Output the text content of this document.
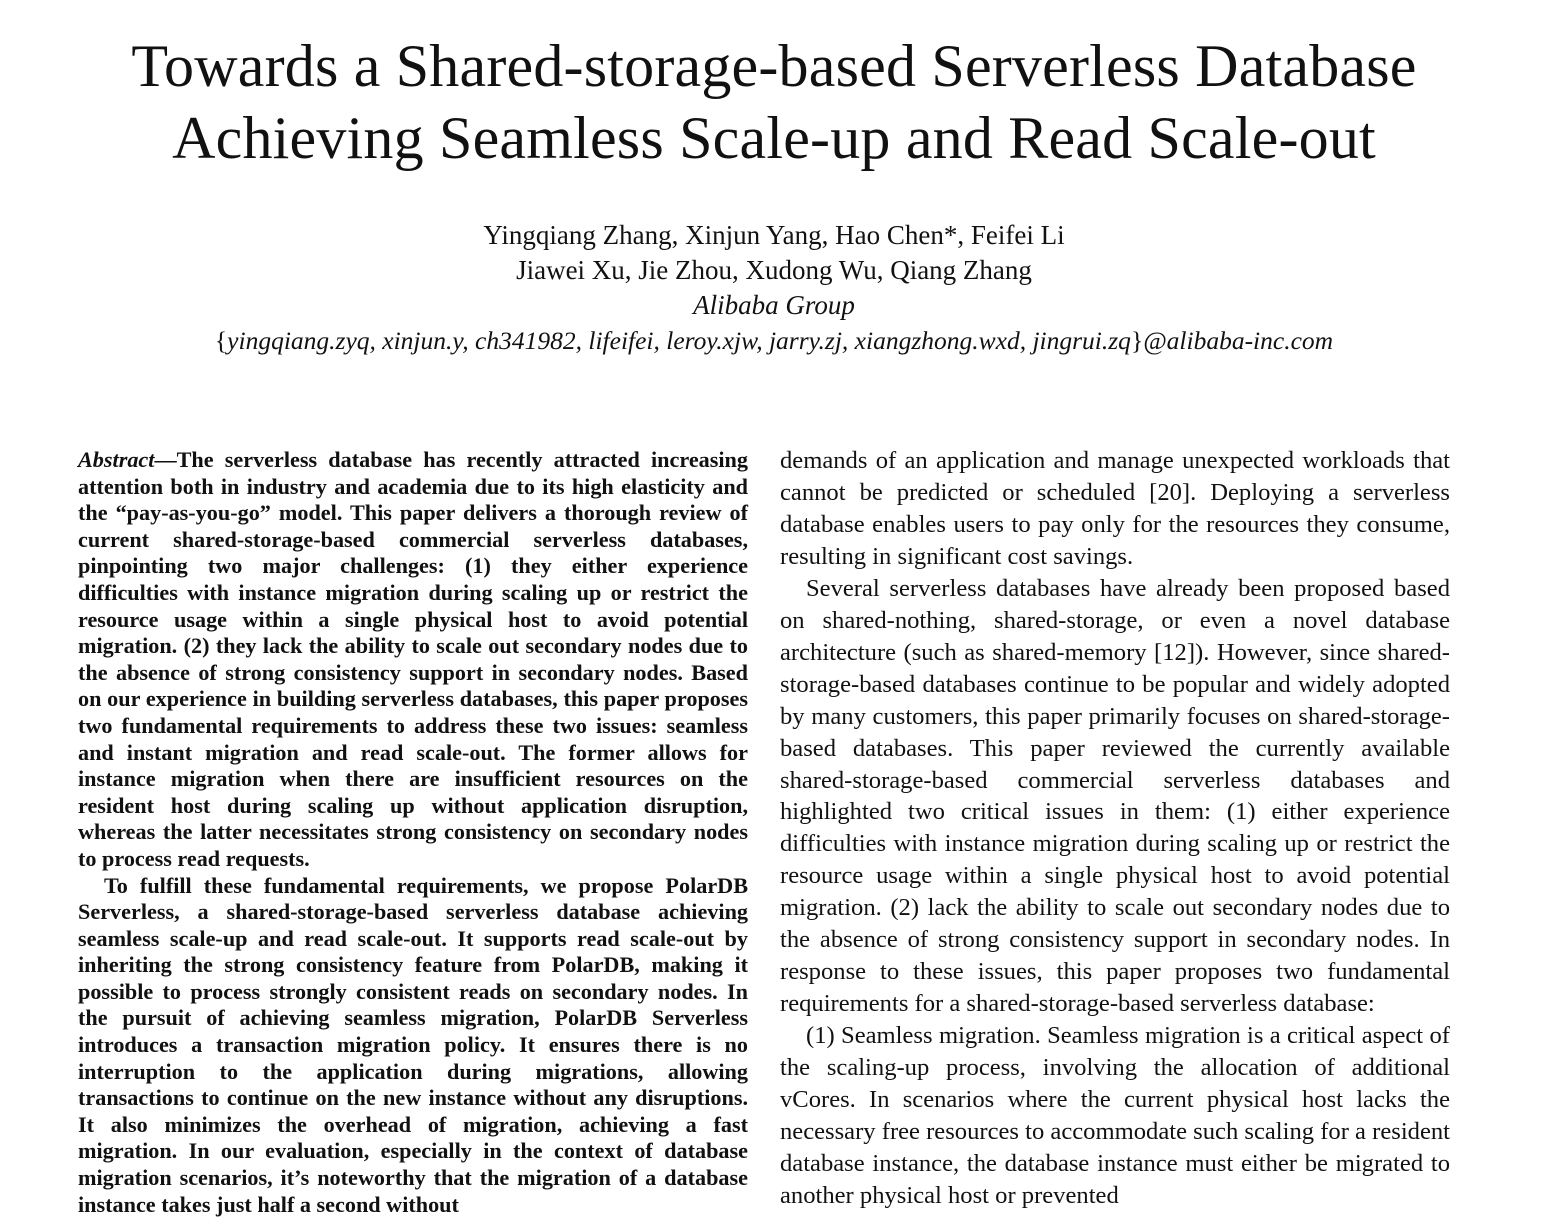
Towards a Shared-storage-based Serverless Database
Achieving Seamless Scale-up and Read Scale-out
Yingqiang Zhang, Xinjun Yang, Hao Chen*, Feifei Li
Jiawei Xu, Jie Zhou, Xudong Wu, Qiang Zhang
Alibaba Group
{yingqiang.zyq, xinjun.y, ch341982, lifeifei, leroy.xjw, jarry.zj, xiangzhong.wxd, jingrui.zq}@alibaba-inc.com

Abstract—The serverless database has recently attracted increasing attention both in industry and academia due to its high elasticity and the “pay-as-you-go” model. This paper delivers a thorough review of current shared-storage-based commercial serverless databases, pinpointing two major challenges: (1) they either experience difficulties with instance migration during scaling up or restrict the resource usage within a single physical host to avoid potential migration. (2) they lack the ability to scale out secondary nodes due to the absence of strong consistency support in secondary nodes. Based on our experience in building serverless databases, this paper proposes two fundamental requirements to address these two issues: seamless and instant migration and read scale-out. The former allows for instance migration when there are insufficient resources on the resident host during scaling up without application disruption, whereas the latter necessitates strong consistency on secondary nodes to process read requests.

To fulfill these fundamental requirements, we propose PolarDB Serverless, a shared-storage-based serverless database achieving seamless scale-up and read scale-out. It supports read scale-out by inheriting the strong consistency feature from PolarDB, making it possible to process strongly consistent reads on secondary nodes. In the pursuit of achieving seamless migration, PolarDB Serverless introduces a transaction migration policy. It ensures there is no interruption to the application during migrations, allowing transactions to continue on the new instance without any disruptions. It also minimizes the overhead of migration, achieving a fast migration. In our evaluation, especially in the context of database migration scenarios, it’s noteworthy that the migration of a database instance takes just half a second without

demands of an application and manage unexpected workloads that cannot be predicted or scheduled [20]. Deploying a serverless database enables users to pay only for the resources they consume, resulting in significant cost savings.

Several serverless databases have already been proposed based on shared-nothing, shared-storage, or even a novel database architecture (such as shared-memory [12]). However, since shared-storage-based databases continue to be popular and widely adopted by many customers, this paper primarily focuses on shared-storage-based databases. This paper reviewed the currently available shared-storage-based commercial serverless databases and highlighted two critical issues in them: (1) either experience difficulties with instance migration during scaling up or restrict the resource usage within a single physical host to avoid potential migration. (2) lack the ability to scale out secondary nodes due to the absence of strong consistency support in secondary nodes. In response to these issues, this paper proposes two fundamental requirements for a shared-storage-based serverless database:

(1) Seamless migration. Seamless migration is a critical aspect of the scaling-up process, involving the allocation of additional vCores. In scenarios where the current physical host lacks the necessary free resources to accommodate such scaling for a resident database instance, the database instance must either be migrated to another physical host or prevented
